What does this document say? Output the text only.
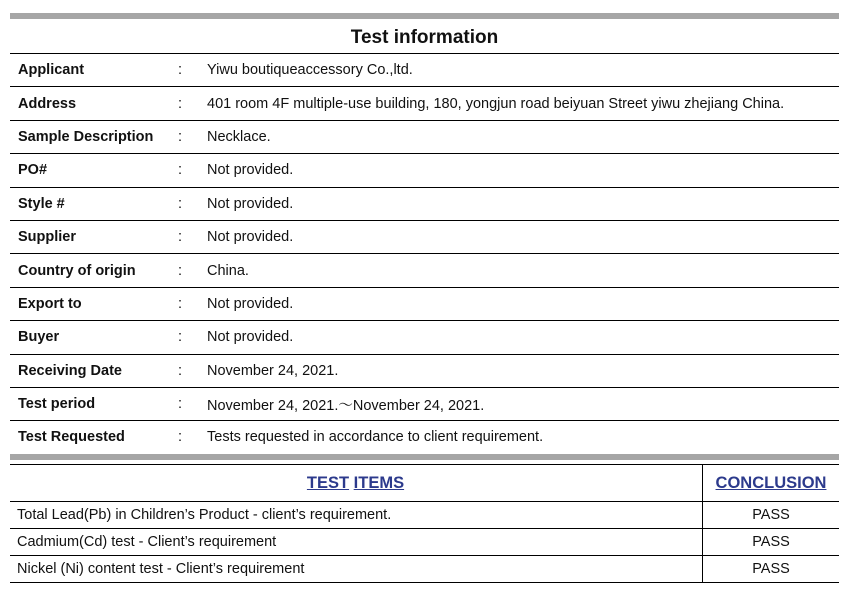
Test information
Applicant	:	Yiwu boutiqueaccessory Co.,ltd.
Address	:	401 room 4F multiple-use building, 180, yongjun road beiyuan Street yiwu zhejiang China.
Sample Description	:	Necklace.
PO#	:	Not provided.
Style #	:	Not provided.
Supplier	:	Not provided.
Country of origin	:	China.
Export to	:	Not provided.
Buyer	:	Not provided.
Receiving Date	:	November 24, 2021.
Test period	:	November 24, 2021.～November 24, 2021.
Test Requested	:	Tests requested in accordance to client requirement.
TEST ITEMS	CONCLUSION
Total Lead(Pb) in Children’s Product - client’s requirement.	PASS
Cadmium(Cd) test - Client’s requirement	PASS
Nickel (Ni) content test - Client’s requirement	PASS
